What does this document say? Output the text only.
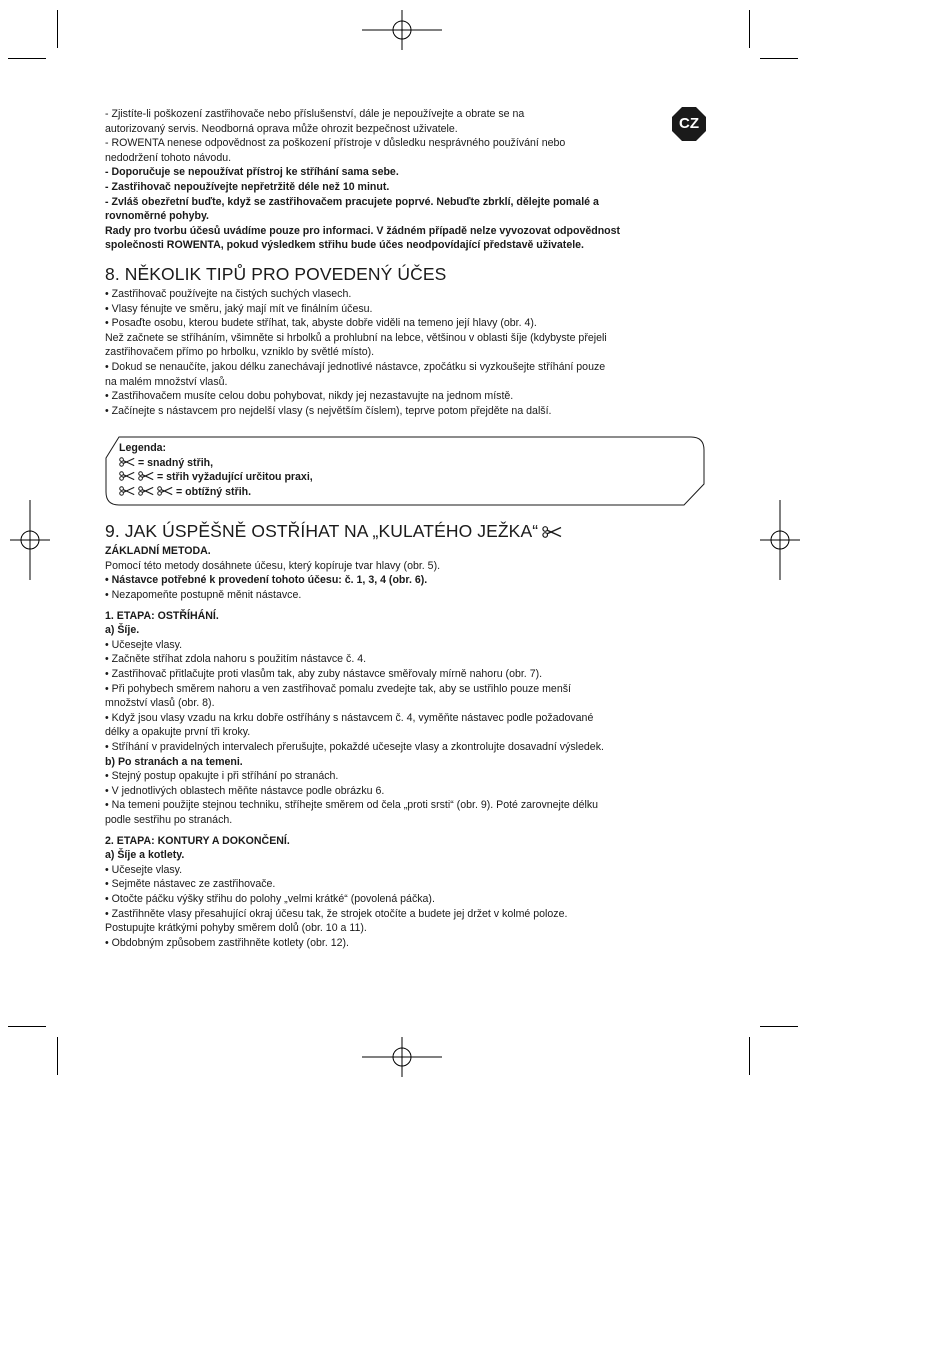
CZ
- Zjistíte-li poškození zastřihovače nebo příslušenství, dále je nepoužívejte a obrate se na
autorizovaný servis. Neodborná oprava může ohrozit bezpečnost uživatele.
- ROWENTA nenese odpovědnost za poškození přístroje v důsledku nesprávného používání nebo
nedodržení tohoto návodu.
- Doporučuje se nepoužívat přístroj ke stříhání sama sebe.
- Zastřihovač nepoužívejte nepřetržitě déle než 10 minut.
- Zvláš obezřetní buďte, když se zastřihovačem pracujete poprvé. Nebuďte zbrklí, dělejte pomalé a
rovnoměrné pohyby.
Rady pro tvorbu účesů uvádíme pouze pro informaci. V žádném případě nelze vyvozovat odpovědnost
společnosti ROWENTA, pokud výsledkem střihu bude účes neodpovídající představě uživatele.
8. NĚKOLIK TIPŮ PRO POVEDENÝ ÚČES
• Zastřihovač používejte na čistých suchých vlasech.
• Vlasy fénujte ve směru, jaký mají mít ve finálním účesu.
• Posaďte osobu, kterou budete stříhat, tak, abyste dobře viděli na temeno její hlavy (obr. 4).
Než začnete se stříháním, všimněte si hrbolků a prohlubní na lebce, většinou v oblasti šíje (kdybyste přejeli
zastřihovačem přímo po hrbolku, vzniklo by světlé místo).
• Dokud se nenaučíte, jakou délku zanechávají jednotlivé nástavce, zpočátku si vyzkoušejte stříhání pouze
na malém množství vlasů.
• Zastřihovačem musíte celou dobu pohybovat, nikdy jej nezastavujte na jednom místě.
• Začínejte s nástavcem pro nejdelší vlasy (s největším číslem), teprve potom přejděte na další.
Legenda:
= snadný střih,
= střih vyžadující určitou praxi,
= obtížný střih.
9. JAK ÚSPĚŠNĚ OSTŘÍHAT NA „KULATÉHO JEŽKA“
ZÁKLADNÍ METODA.
Pomocí této metody dosáhnete účesu, který kopíruje tvar hlavy (obr. 5).
• Nástavce potřebné k provedení tohoto účesu: č. 1, 3, 4 (obr. 6).
• Nezapomeňte postupně měnit nástavce.
1. ETAPA: OSTŘÍHÁNÍ.
a) Šíje.
• Učesejte vlasy.
• Začněte stříhat zdola nahoru s použitím nástavce č. 4.
• Zastřihovač přitlačujte proti vlasům tak, aby zuby nástavce směřovaly mírně nahoru (obr. 7).
• Při pohybech směrem nahoru a ven zastřihovač pomalu zvedejte tak, aby se ustřihlo pouze menší
množství vlasů (obr. 8).
• Když jsou vlasy vzadu na krku dobře ostříhány s nástavcem č. 4, vyměňte nástavec podle požadované
délky a opakujte první tři kroky.
• Stříhání v pravidelných intervalech přerušujte, pokaždé učesejte vlasy a zkontrolujte dosavadní výsledek.
b) Po stranách a na temeni.
• Stejný postup opakujte i při stříhání po stranách.
• V jednotlivých oblastech měňte nástavce podle obrázku 6.
• Na temeni použijte stejnou techniku, stříhejte směrem od čela „proti srsti“ (obr. 9). Poté zarovnejte délku
podle sestřihu po stranách.
2. ETAPA: KONTURY A DOKONČENÍ.
a) Šíje a kotlety.
• Učesejte vlasy.
• Sejměte nástavec ze zastřihovače.
• Otočte páčku výšky střihu do polohy „velmi krátké“ (povolená páčka).
• Zastřihněte vlasy přesahující okraj účesu tak, že strojek otočíte a budete jej držet v kolmé poloze.
Postupujte krátkými pohyby směrem dolů (obr. 10 a 11).
• Obdobným způsobem zastřihněte kotlety (obr. 12).
